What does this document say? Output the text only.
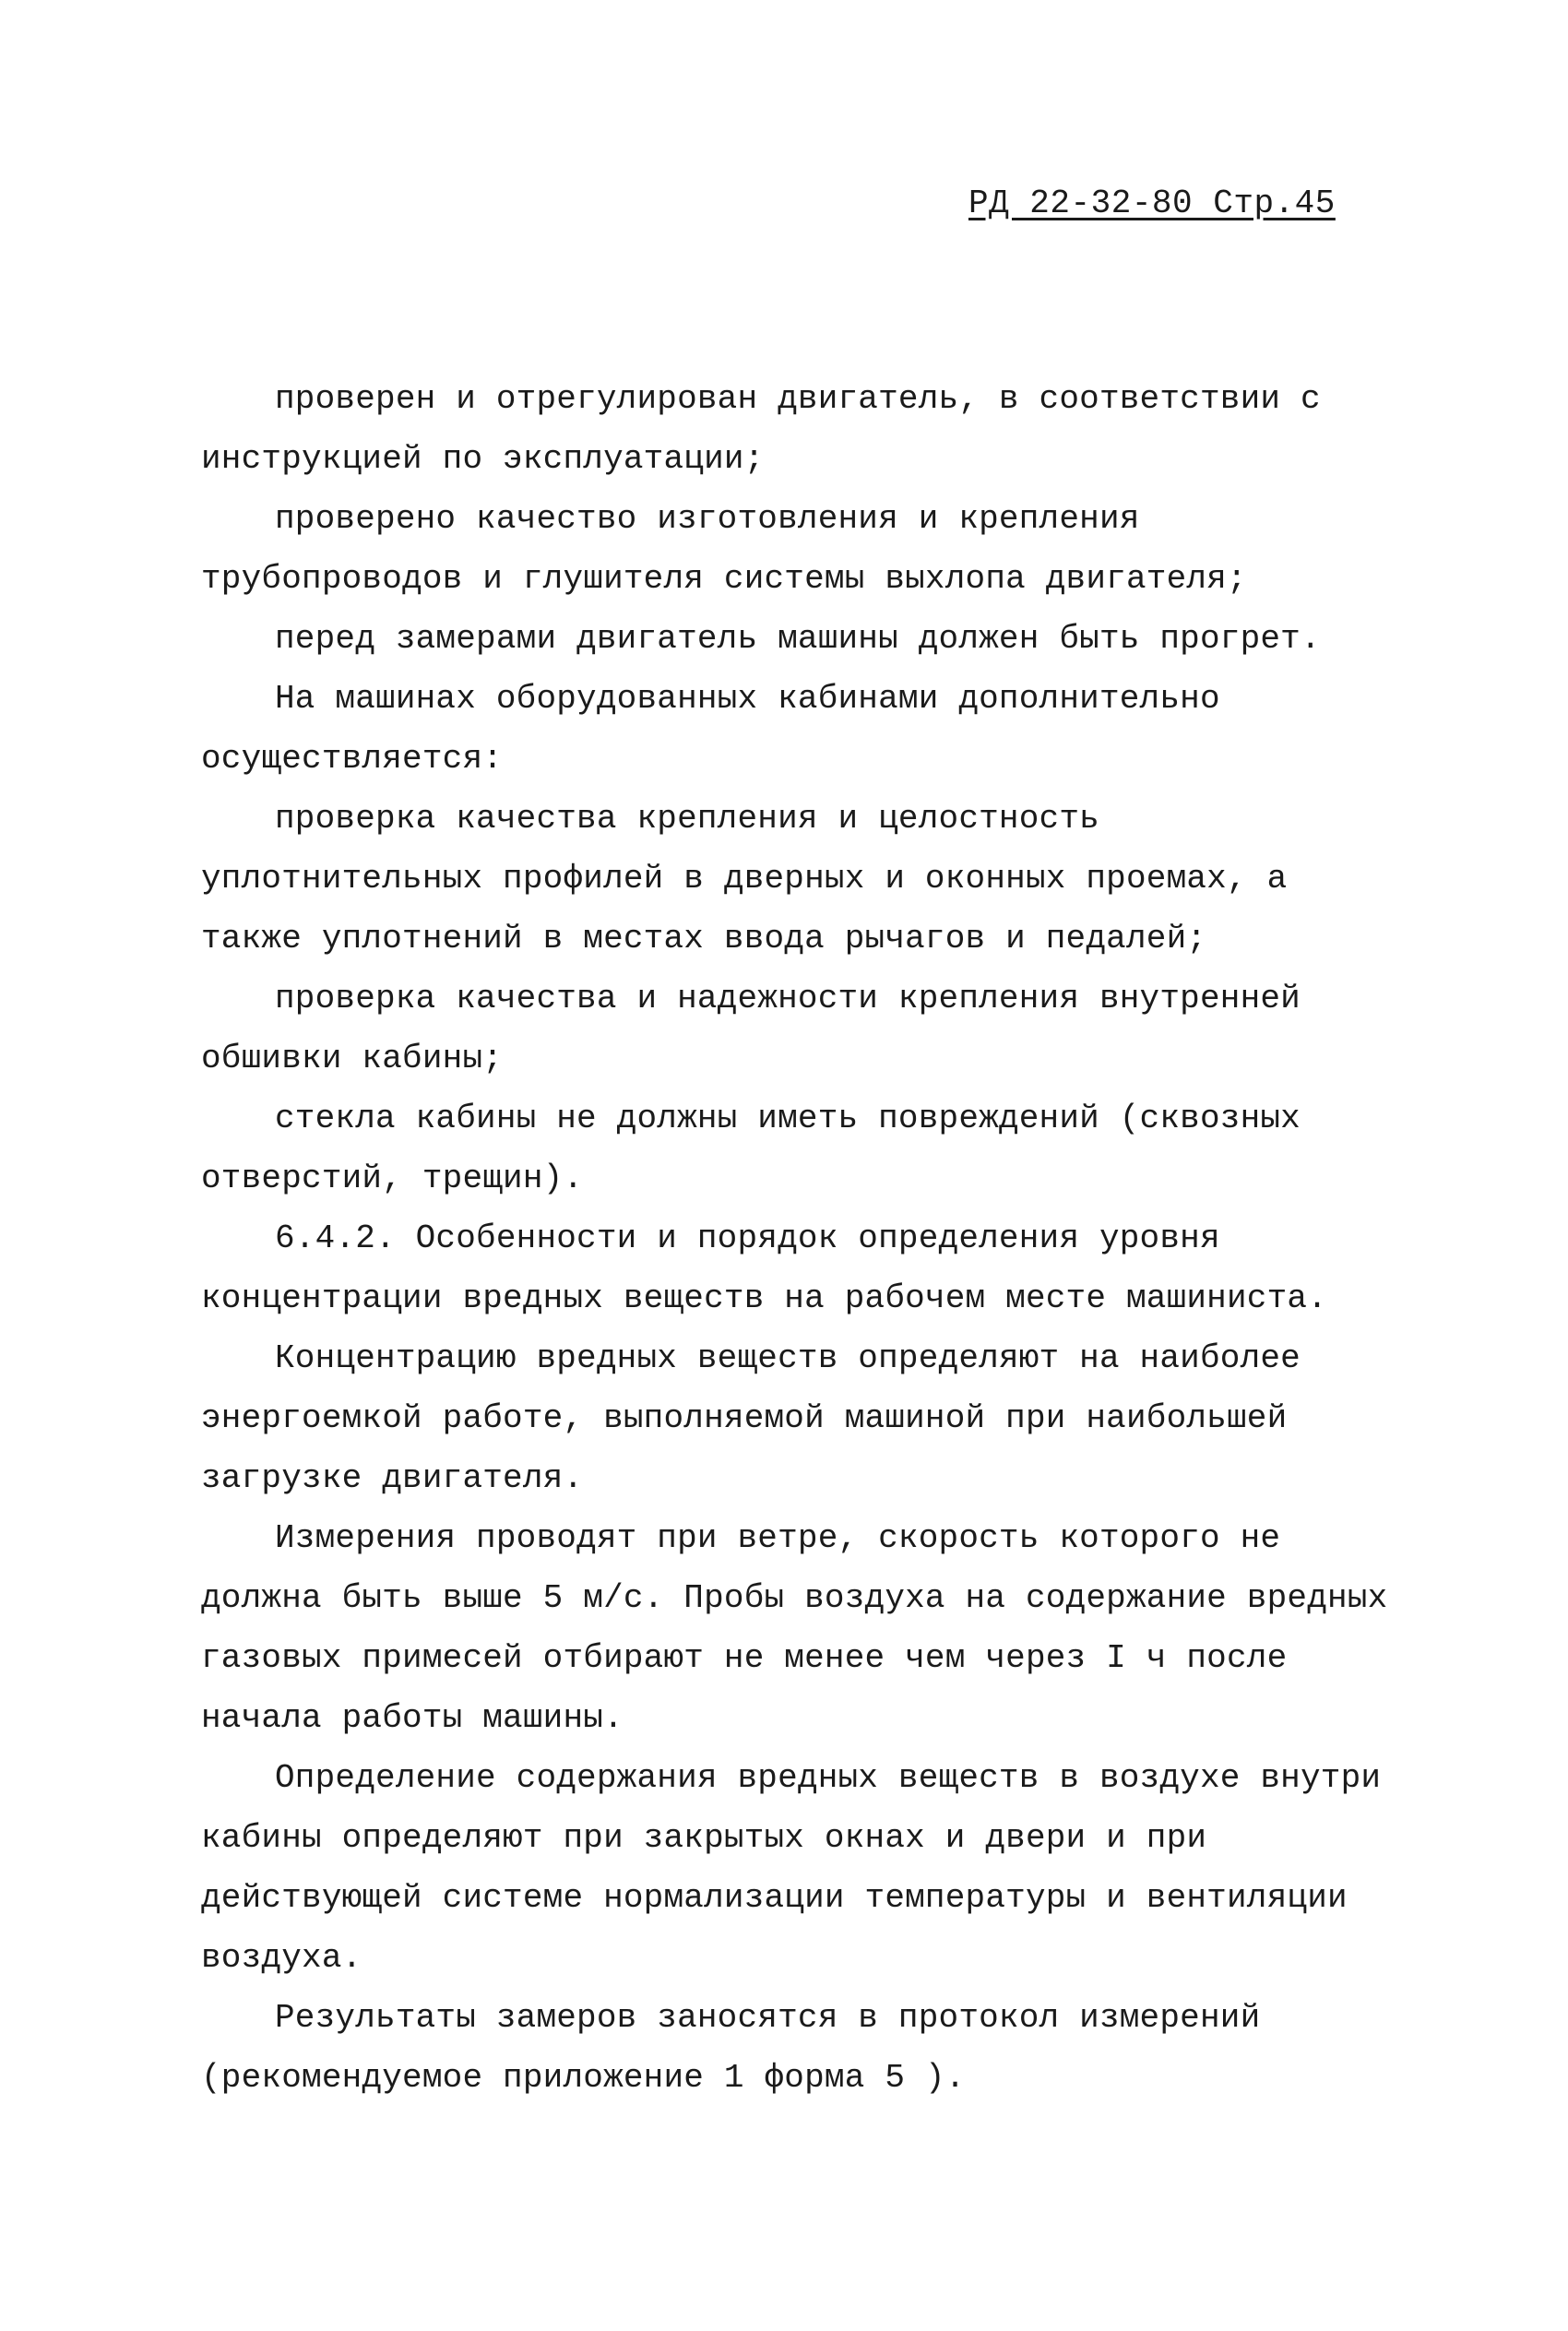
РД 22-32-80 Стр.45

проверен и отрегулирован двигатель, в соответствии с инструкцией по эксплуатации;

проверено качество изготовления и крепления трубопроводов и глушителя системы выхлопа двигателя;

перед замерами двигатель машины должен быть прогрет.

На машинах оборудованных кабинами дополнительно осуществляется:

проверка качества крепления и целостность уплотнительных профилей в дверных и оконных проемах, а также уплотнений в местах ввода рычагов и педалей;

проверка качества и надежности крепления внутренней обшивки кабины;

стекла кабины не должны иметь повреждений (сквозных отверстий, трещин).

6.4.2. Особенности и порядок определения уровня концентрации вредных веществ на рабочем месте машиниста.

Концентрацию вредных веществ определяют на наиболее энергоемкой работе, выполняемой машиной при наибольшей загрузке двигателя.

Измерения проводят при ветре, скорость которого не должна быть выше 5 м/с. Пробы воздуха на содержание вредных газовых примесей отбирают не менее чем через I ч после начала работы машины.

Определение содержания вредных веществ в воздухе внутри кабины определяют при закрытых окнах и двери и при действующей системе нормализации температуры и вентиляции воздуха.

Результаты замеров заносятся в протокол измерений (рекомендуемое приложение 1 форма 5 ).
